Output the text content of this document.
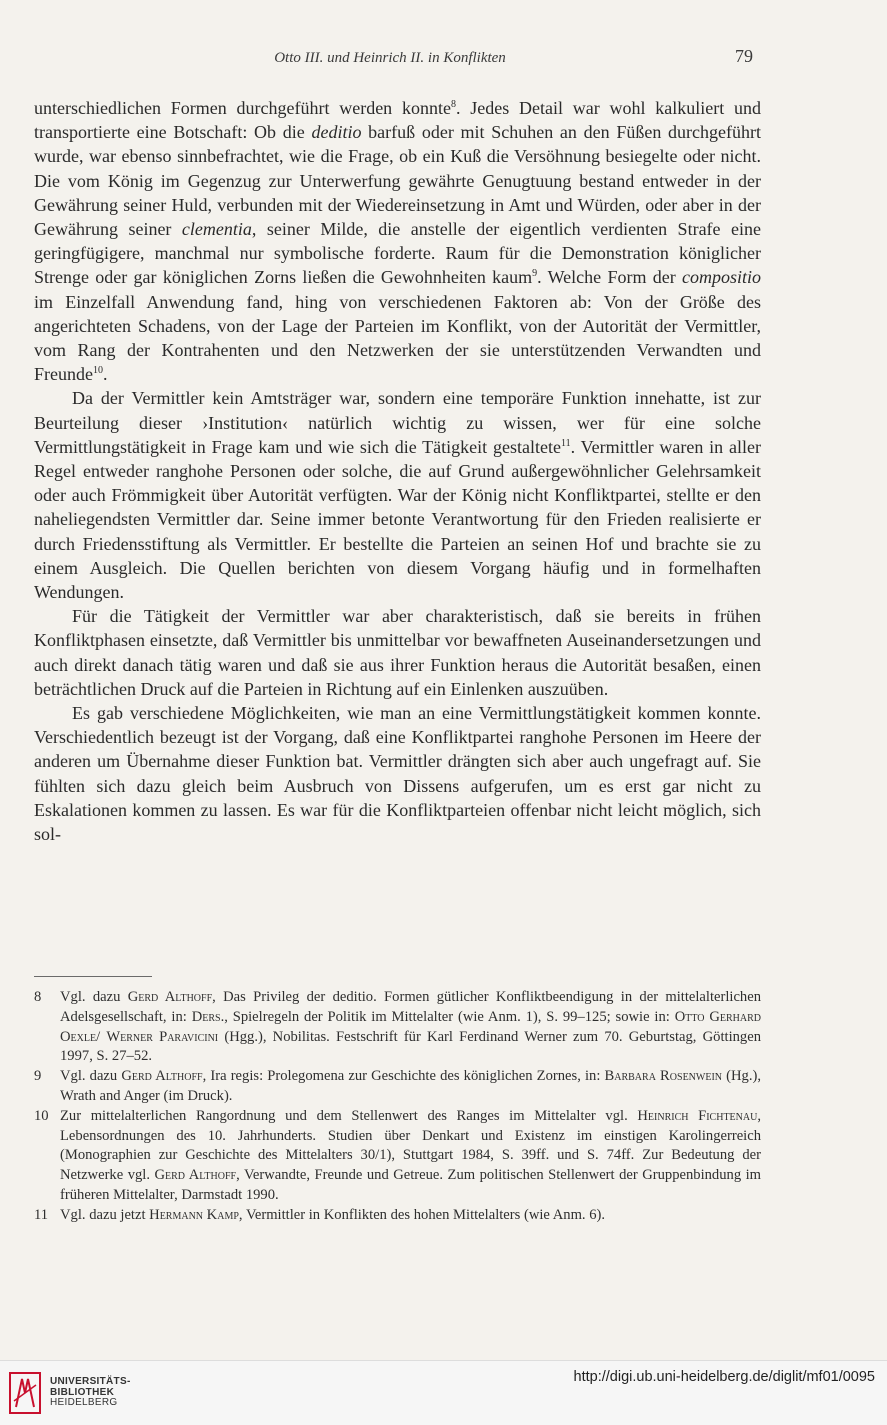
Otto III. und Heinrich II. in Konflikten	79

unterschiedlichen Formen durchgeführt werden konnte$^8$. Jedes Detail war wohl kalkuliert und transportierte eine Botschaft: Ob die deditio barfuß oder mit Schuhen an den Füßen durchgeführt wurde, war ebenso sinnbefrachtet, wie die Frage, ob ein Kuß die Versöhnung besiegelte oder nicht. Die vom König im Gegenzug zur Unterwerfung gewährte Genugtuung bestand entweder in der Gewährung seiner Huld, verbunden mit der Wiedereinsetzung in Amt und Würden, oder aber in der Gewährung seiner clementia, seiner Milde, die anstelle der eigentlich verdienten Strafe eine geringfügigere, manchmal nur symbolische forderte. Raum für die Demonstration königlicher Strenge oder gar königlichen Zorns ließen die Gewohnheiten kaum$^9$. Welche Form der compositio im Einzelfall Anwendung fand, hing von verschiedenen Faktoren ab: Von der Größe des angerichteten Schadens, von der Lage der Parteien im Konflikt, von der Autorität der Vermittler, vom Rang der Kontrahenten und den Netzwerken der sie unterstützenden Verwandten und Freunde$^{10}$.

Da der Vermittler kein Amtsträger war, sondern eine temporäre Funktion innehatte, ist zur Beurteilung dieser ›Institution‹ natürlich wichtig zu wissen, wer für eine solche Vermittlungstätigkeit in Frage kam und wie sich die Tätigkeit gestaltete$^{11}$. Vermittler waren in aller Regel entweder ranghohe Personen oder solche, die auf Grund außergewöhnlicher Gelehrsamkeit oder auch Frömmigkeit über Autorität verfügten. War der König nicht Konfliktpartei, stellte er den naheliegendsten Vermittler dar. Seine immer betonte Verantwortung für den Frieden realisierte er durch Friedensstiftung als Vermittler. Er bestellte die Parteien an seinen Hof und brachte sie zu einem Ausgleich. Die Quellen berichten von diesem Vorgang häufig und in formelhaften Wendungen.

Für die Tätigkeit der Vermittler war aber charakteristisch, daß sie bereits in frühen Konfliktphasen einsetzte, daß Vermittler bis unmittelbar vor bewaffneten Auseinandersetzungen und auch direkt danach tätig waren und daß sie aus ihrer Funktion heraus die Autorität besaßen, einen beträchtlichen Druck auf die Parteien in Richtung auf ein Einlenken auszuüben.

Es gab verschiedene Möglichkeiten, wie man an eine Vermittlungstätigkeit kommen konnte. Verschiedentlich bezeugt ist der Vorgang, daß eine Konfliktpartei ranghohe Personen im Heere der anderen um Übernahme dieser Funktion bat. Vermittler drängten sich aber auch ungefragt auf. Sie fühlten sich dazu gleich beim Ausbruch von Dissens aufgerufen, um es erst gar nicht zu Eskalationen kommen zu lassen. Es war für die Konfliktparteien offenbar nicht leicht möglich, sich sol-

8	Vgl. dazu Gerd Althoff, Das Privileg der deditio. Formen gütlicher Konfliktbeendigung in der mittelalterlichen Adelsgesellschaft, in: Ders., Spielregeln der Politik im Mittelalter (wie Anm. 1), S. 99–125; sowie in: Otto Gerhard Oexle/ Werner Paravicini (Hgg.), Nobilitas. Festschrift für Karl Ferdinand Werner zum 70. Geburtstag, Göttingen 1997, S. 27–52.
9	Vgl. dazu Gerd Althoff, Ira regis: Prolegomena zur Geschichte des königlichen Zornes, in: Barbara Rosenwein (Hg.), Wrath and Anger (im Druck).
10 Zur mittelalterlichen Rangordnung und dem Stellenwert des Ranges im Mittelalter vgl. Heinrich Fichtenau, Lebensordnungen des 10. Jahrhunderts. Studien über Denkart und Existenz im einstigen Karolingerreich (Monographien zur Geschichte des Mittelalters 30/1), Stuttgart 1984, S. 39ff. und S. 74ff. Zur Bedeutung der Netzwerke vgl. Gerd Althoff, Verwandte, Freunde und Getreue. Zum politischen Stellenwert der Gruppenbindung im früheren Mittelalter, Darmstadt 1990.
11 Vgl. dazu jetzt Hermann Kamp, Vermittler in Konflikten des hohen Mittelalters (wie Anm. 6).
UNIVERSITÄTS-
BIBLIOTHEK
HEIDELBERG
http://digi.ub.uni-heidelberg.de/diglit/mf01/0095
